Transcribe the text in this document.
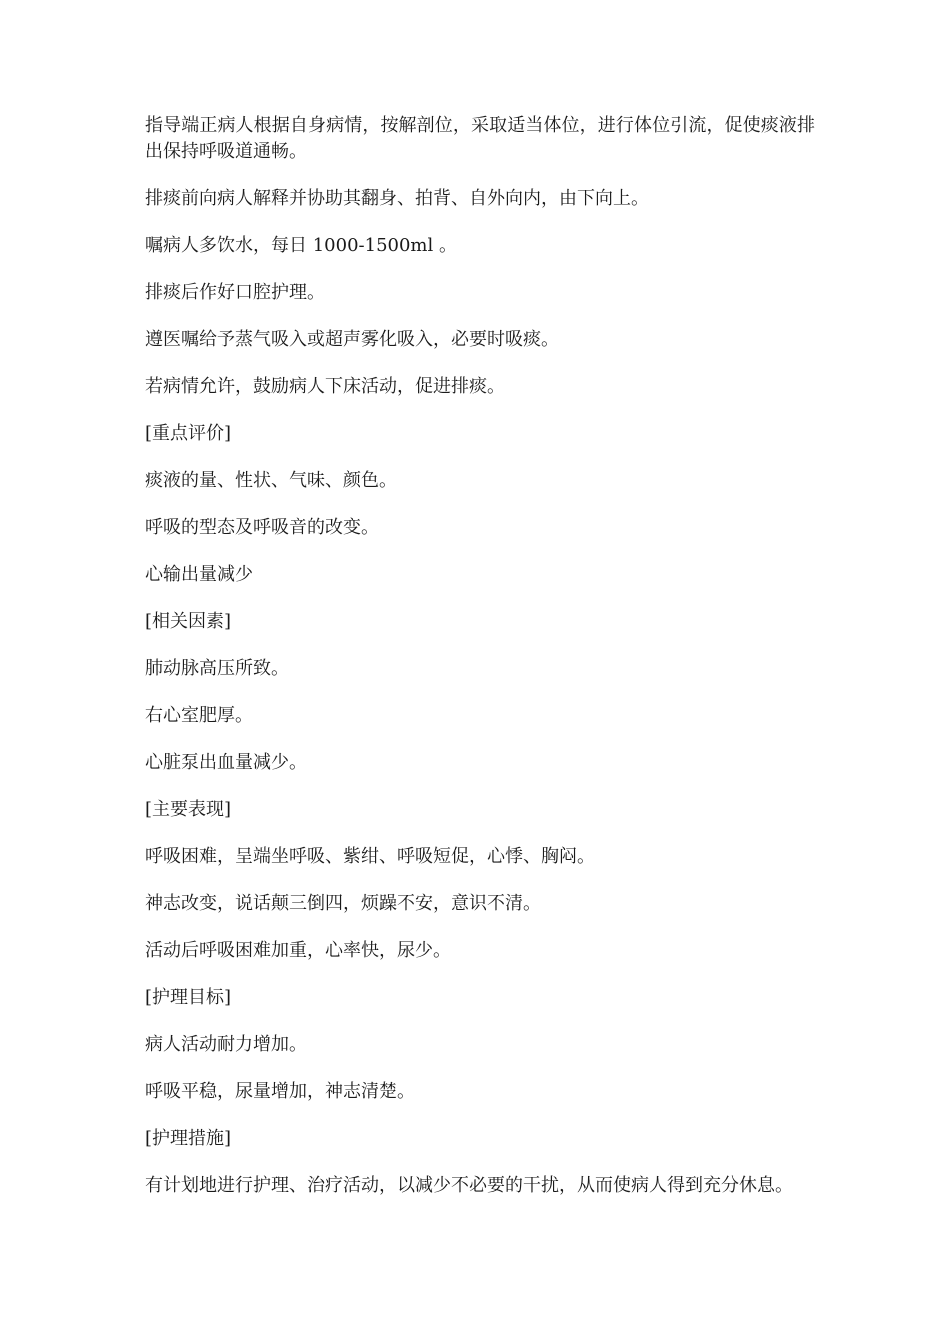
指导端正病人根据自身病情，按解剖位，采取适当体位，进行体位引流，促使痰液排出保持呼吸道通畅。

排痰前向病人解释并协助其翻身、拍背、自外向内，由下向上。

嘱病人多饮水，每日 1000-1500ml 。

排痰后作好口腔护理。

遵医嘱给予蒸气吸入或超声雾化吸入，必要时吸痰。

若病情允许，鼓励病人下床活动，促进排痰。

[重点评价]

痰液的量、性状、气味、颜色。

呼吸的型态及呼吸音的改变。

心输出量减少

[相关因素]

肺动脉高压所致。

右心室肥厚。

心脏泵出血量减少。

[主要表现]

呼吸困难，呈端坐呼吸、紫绀、呼吸短促，心悸、胸闷。

神志改变，说话颠三倒四，烦躁不安，意识不清。

活动后呼吸困难加重，心率快，尿少。

[护理目标]

病人活动耐力增加。

呼吸平稳，尿量增加，神志清楚。

[护理措施]

有计划地进行护理、治疗活动，以减少不必要的干扰，从而使病人得到充分休息。
